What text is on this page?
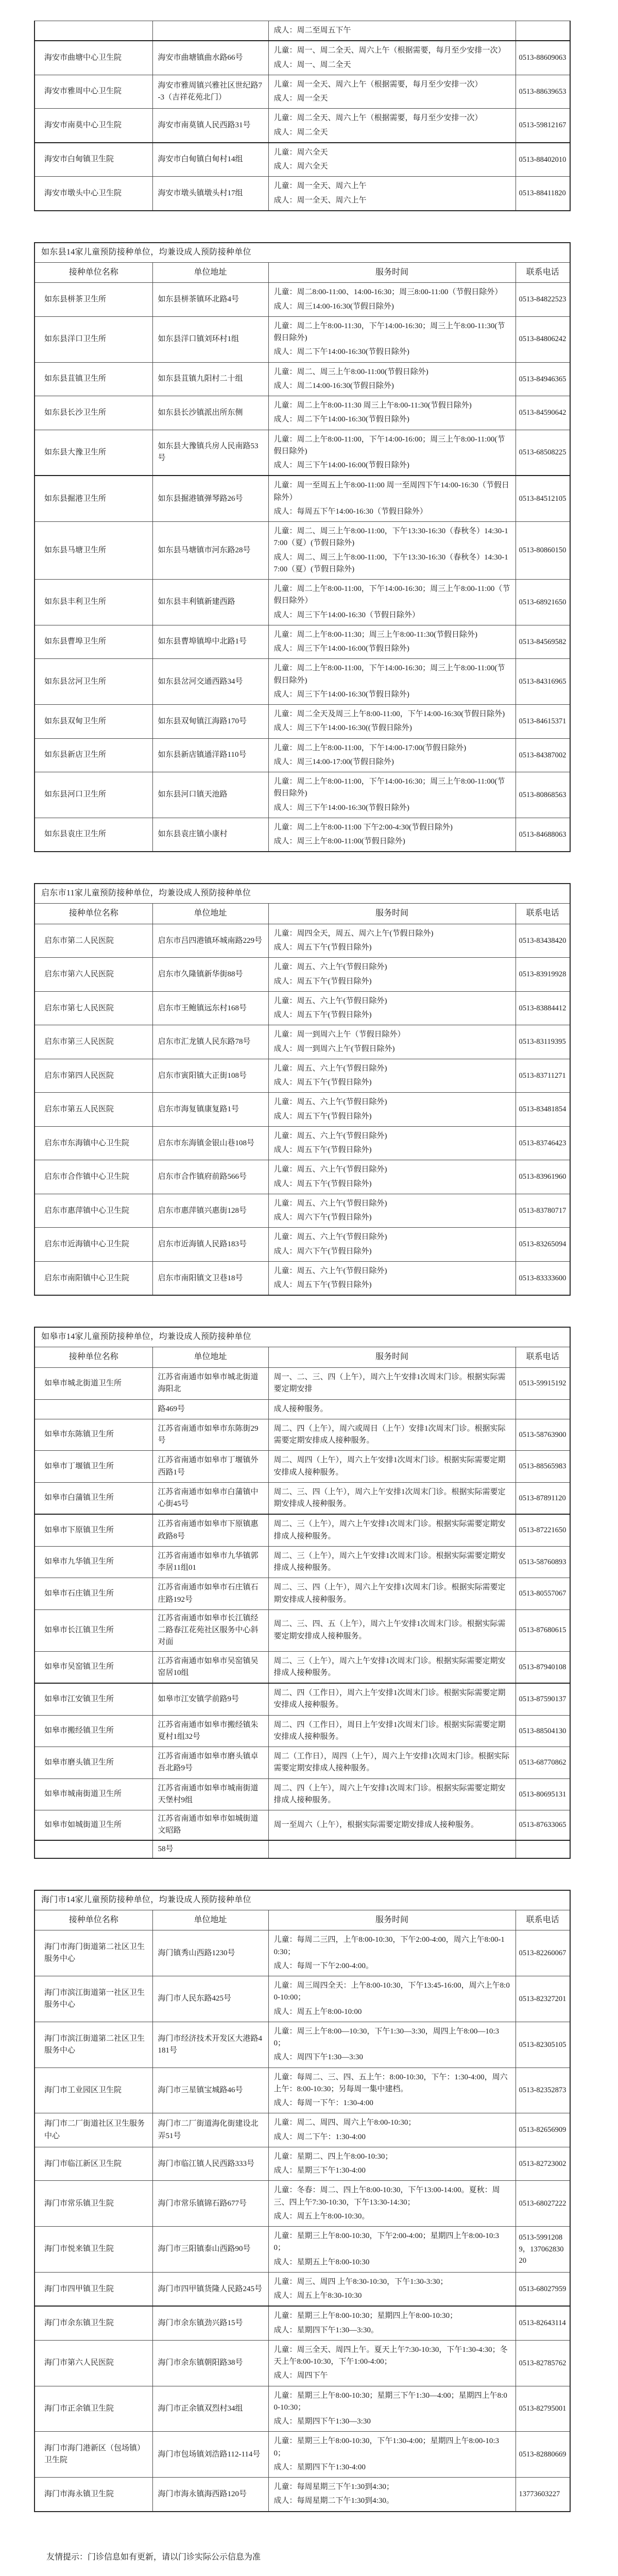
		成人：周二至周五下午	

海安市曲塘中心卫生院	海安市曲塘镇曲水路66号	儿童：周一、周二全天、周六上午（根据需要，每月至少安排一次）
成人：周一、周二全天	0513-88609063
海安市雅周中心卫生院	海安市雅周镇兴雅社区世纪路7-3（吉祥花苑北门）	儿童：周一全天、周六上午（根据需要，每月至少安排一次）
成人：周一全天	0513-88639653
海安市南莫中心卫生院	海安市南莫镇人民西路31号	儿童：周二全天、周六上午（根据需要，每月至少安排一次）
成人：周二全天	0513-59812167
海安市白甸镇卫生院	海安市白甸镇白甸村14组	儿童：周六全天
成人：周六全天	0513-88402010
海安市墩头中心卫生院	海安市墩头镇墩头村17组	儿童：周一全天、周六上午
成人：周一全天、周六上午	0513-88411820
如东县14家儿童预防接种单位，均兼设成人预防接种单位			
接种单位名称	单位地址	服务时间	联系电话
如东县栟茶卫生所	如东县栟茶镇环北路4号	儿童：周二8:00-11:00、14:00-16:30；周三8:00-11:00（节假日除外）
成人：周三14:00-16:30(节假日除外)	0513-84822523
如东县洋口卫生所	如东县洋口镇刘环村1组	儿童：周二上午8:00-11:30，下午14:00-16:30；周三上午8:00-11:30(节假日除外)
成人：周二下午14:00-16:30(节假日除外)	0513-84806242
如东县苴镇卫生所	如东县苴镇九阳村二十组	儿童：周二、周三上午8:00-11:00(节假日除外)
成人：周二14:00-16:30(节假日除外)	0513-84946365
如东县长沙卫生所	如东县长沙镇派出所东侧	儿童：周二上午8:00-11:30 周三上午8:00-11:30(节假日除外)
成人：周二下午14:00-16:30(节假日除外)	0513-84590642
如东县大豫卫生所	如东县大豫镇兵房人民南路53号	儿童：周二上午8:00-11:00，下午14:00-16:00；周三上午8:00-11:00(节假日除外)
成人：周三下午14:00-16:00(节假日除外)	0513-68508225
如东县掘港卫生所	如东县掘港镇弹琴路26号	儿童：周一至周五上午8:00-11:00 周一至周四下午14:00-16:30（节假日除外）
成人：每周五下午14:00-16:30（节假日除外）	0513-84512105
如东县马塘卫生所	如东县马塘镇市河东路28号	儿童：周二、周三上午8:00-11:00，下午13:30-16:30（春秋冬）14:30-17:00（夏）(节假日除外)
成人：周二、周三上午8:00-11:00，下午13:30-16:30（春秋冬）14:30-17:00（夏）(节假日除外)	0513-80860150
如东县丰利卫生所	如东县丰利镇新建西路	儿童：周二上午8:00-11:00，下午14:00-16:30；周三上午8:00-11:00（节假日除外）
成人：周三下午14:00-16:30（节假日除外）	0513-68921650
如东县曹埠卫生所	如东县曹埠镇埠中北路1号	儿童：周二上午8:00-11:30；周三上午8:00-11:30(节假日除外)
成人：周三下午14:00-16:00(节假日除外)	0513-84569582
如东县岔河卫生所	如东县岔河交通西路34号	儿童：周二上午8:00-11:00，下午14:00-16:30；周三上午8:00-11:00(节假日除外)
成人：周三下午14:00-16:30(节假日除外)	0513-84316965
如东县双甸卫生所	如东县双甸镇江海路170号	儿童：周二全天及周三上午8:00-11:00，下午14:00-16:30(节假日除外)
成人：周三下午14:00-16:30((节假日除外)	0513-84615371
如东县新店卫生所	如东县新店镇通洋路110号	儿童：周二上午8:00-11:00，下午14:00-17:00(节假日除外)
成人：周三14:00-17:00(节假日除外)	0513-84387002
如东县河口卫生所	如东县河口镇天池路	儿童：周二上午8:00-11:00，下午14:00-16:30；周三上午8:00-11:00(节假日除外)
成人：周三下午14:00-16:30(节假日除外)	0513-80868563
如东县袁庄卫生所	如东县袁庄镇小康村	儿童：周二上午8:00-11:00 下午2:00-4:30(节假日除外)
成人：周三上午8:00-11:00(节假日除外)	0513-84688063
启东市11家儿童预防接种单位，均兼设成人预防接种单位			
接种单位名称	单位地址	服务时间	联系电话
启东市第二人民医院	启东市吕四港镇环城南路229号	儿童：周四全天，周五、周六上午(节假日除外)
成人：周五下午(节假日除外)	0513-83438420
启东市第六人民医院	启东市久隆镇新华街88号	儿童：周五、六上午(节假日除外)
成人：周五下午(节假日除外)	0513-83919928
启东市第七人民医院	启东市王鲍镇远东村168号	儿童：周五、六上午(节假日除外)
成人：周五下午(节假日除外)	0513-83884412
启东市第三人民医院	启东市汇龙镇人民东路78号	儿童：周一到周六上午（节假日除外）
成人：周一到周六上午(节假日除外)	0513-83119395
启东市第四人民医院	启东市寅阳镇大正街108号	儿童：周五、六上午(节假日除外)
成人：周五下午(节假日除外)	0513-83711271
启东市第五人民医院	启东市海复镇康复路1号	儿童：周五、六上午(节假日除外)
成人：周五下午(节假日除外)	0513-83481854
启东市东海镇中心卫生院	启东市东海镇金银山巷108号	儿童：周五、六上午(节假日除外)
成人：周五下午(节假日除外)	0513-83746423
启东市合作镇中心卫生院	启东市合作镇府前路566号	儿童：周五、六上午(节假日除外)
成人：周五下午(节假日除外)	0513-83961960
启东市惠萍镇中心卫生院	启东市惠萍镇兴惠街128号	儿童：周五、六上午(节假日除外)
成人：周六下午(节假日除外)	0513-83780717
启东市近海镇中心卫生院	启东市近海镇人民路183号	儿童：周五、六上午(节假日除外)
成人：周六下午(节假日除外)	0513-83265094
启东市南阳镇中心卫生院	启东市南阳镇文卫巷18号	儿童：周五、六上午(节假日除外)
成人：周五下午(节假日除外)	0513-83333600
如皋市14家儿童预防接种单位，均兼设成人预防接种单位			
接种单位名称	单位地址	服务时间	联系电话
如皋市城北街道卫生所	江苏省南通市如皋市城北街道海阳北	周一、二、三、四（上午），周六上午安排1次周末门诊。根据实际需要定期安排	0513-59915192
	路469号	成人接种服务。	

如皋市东陈镇卫生所	江苏省南通市如皋市东陈街29号	周二、四（上午），周六或周日（上午）安排1次周末门诊。根据实际需要定期安排成人接种服务。	0513-58763900
如皋市丁堰镇卫生所	江苏省南通市如皋市丁堰镇外西路1号	周二、周四（上午），周六上午安排1次周末门诊。根据实际需要定期安排成人接种服务。	0513-88565983
如皋市白蒲镇卫生所	江苏省南通市如皋市白蒲镇中心街45号	周二、三、四（上午），周六上午安排1次周末门诊。根据实际需要定期安排成人接种服务。	0513-87891120
如皋市下原镇卫生所	江苏省南通市如皋市下原镇惠政路8号	周二、三（上午），周六上午安排1次周末门诊。根据实际需要定期安排成人接种服务。	0513-87221650
如皋市九华镇卫生所	江苏省南通市如皋市九华镇郭李居11组01	周二、三（上午），周六上午安排1次周末门诊。根据实际需要定期安排成人接种服务。	0513-58760893
如皋市石庄镇卫生所	江苏省南通市如皋市石庄镇石庄路192号	周二、三、四（上午），周六上午安排1次周末门诊。根据实际需要定期安排成人接种服务。	0513-80557067
如皋市长江镇卫生所	江苏省南通市如皋市长江镇经二路春江花苑社区服务中心斜对面	周二、三、四、五（上午），周六上午安排1次周末门诊。根据实际需要定期安排成人接种服务。	0513-87680615
如皋市吴窑镇卫生所	江苏省南通市如皋市吴窑镇吴窑居10组	周二、三（上午），周六上午安排1次周末门诊。根据实际需要定期安排成人接种服务。	0513-87940108
如皋市江安镇卫生所	如皋市江安镇学前路9号	周二、四（工作日），周六上午安排1次周末门诊。根据实际需要定期安排成人接种服务。	0513-87590137
如皋市搬经镇卫生所	江苏省南通市如皋市搬经镇朱夏村1组32号	周二、四（工作日），周日上午安排1次周末门诊。根据实际需要定期安排成人接种服务。	0513-88504130
如皋市磨头镇卫生所	江苏省南通市如皋市磨头镇卓吾北路9号	周二（工作日），周四（上午），周六上午安排1次周末门诊。根据实际需要定期安排成人接种服务。	0513-68770862
如皋市城南街道卫生所	江苏省南通市如皋市城南街道天堡村9组	周二、四（上午），周六上午安排1次周末门诊。根据实际需要定期安排成人接种服务。	0513-80695131
如皋市如城街道卫生所	江苏省南通市如皋市如城街道文昭路	周一至周六（上午），根据实际需要定期安排成人接种服务。	0513-87633065
	58号	

海门市14家儿童预防接种单位，均兼设成人预防接种单位			
接种单位名称	单位地址	服务时间	联系电话
海门市海门街道第二社区卫生服务中心	海门镇秀山西路1230号	儿童：每周二三四，上午8:00-10:30，下午2:00-4:00，周六上午8:00-10:30；
成人：每周一下午2:00-4:00。	0513-82260067
海门市滨江街道第一社区卫生服务中心	海门市人民东路425号	儿童：周三周四全天：上午8:00-10:30，下午13:45-16:00，周六上午8:00-10:00；
成人：周五上午8:00-10:00	0513-82327201
海门市滨江街道第二社区卫生服务中心	海门市经济技术开发区大港路4181号	儿童：周三上午8:00—10:30，下午1:30—3:30，周四上午8:00—10:30；
成人：周四下午1:30—3:30	0513-82305105
海门市工业园区卫生院	海门市三星镇宝城路46号	儿童：每周二、三、四、五上午：8:00-10:30，下午：1:30-4:00，周六上午：8:00-10:30；另每周一集中建档。
成人：每周一下午：1:30-4:00	0513-82352873
海门市二厂街道社区卫生服务中心	海门市二厂街道海化街建设北弄51号	儿童：周二、周四、周六上午8:00-10:30；
成人：周二下午：1:30-4:00	0513-82656909
海门市临江新区卫生院	海门市临江镇人民西路333号	儿童：星期二、四上午8:00-10:30；
成人：星期三下午1:30-4:00	0513-82723002
海门市常乐镇卫生院	海门市常乐镇锦石路677号	儿童：冬春：周二、四上午8:00-10:30，下午13:00-14:00。夏秋：周三、四上午7:30-10:30，下午13:30-14:30；
成人：周五上午8:00-10:30。	0513-68027222
海门市悦来镇卫生院	海门市三阳镇泰山西路90号	儿童：星期三上午8:00-10:30，下午2:00-4:00；星期四上午8:00-10:30；
成人：星期五上午8:00-10:30	0513-59912089，13706283020
海门市四甲镇卫生院	海门市四甲镇货隆人民路245号	儿童：周三、周四 上午8:30-10:30，下午1:30-3:30；
成人：周五上午8:30-10:30	0513-68027959
海门市余东镇卫生院	海门市余东镇劲兴路15号	儿童：星期三上午8:00-10:30；星期四上午8:00-10:30；
成人：星期四下午1:30—3:30。	0513-82643114
海门市第六人民医院	海门市余东镇朝阳路38号	儿童：周三全天、周四上午。夏天上午7:30-10:30，下午1:30-4:30；冬天上午8:00-10:30，下午1:00-4:00；
成人：周四下午	0513-82785762
海门市正余镇卫生院	海门市正余镇双烈村34组	儿童：星期三上午8:00-10:30；星期三下午1:30—4:00；星期四上午8:00-10:30；
成人：星期四下午1:30—3:30	0513-82795001
海门市海门港新区（包场镇）卫生院	海门市包场镇刘浩路112-114号	儿童：星期三上午8:00-10:30，下午1:30-4:00；星期四上午8:00-10:30；
成人：星期四下午1:30-4:00	0513-82880669
海门市海永镇卫生院	海门市海永镇海西路120号	儿童：每周星期三下午1:30到4:30；
成人：每周星期二下午1:30到4:30。	13773603227
友情提示：门诊信息如有更新，请以门诊实际公示信息为准
